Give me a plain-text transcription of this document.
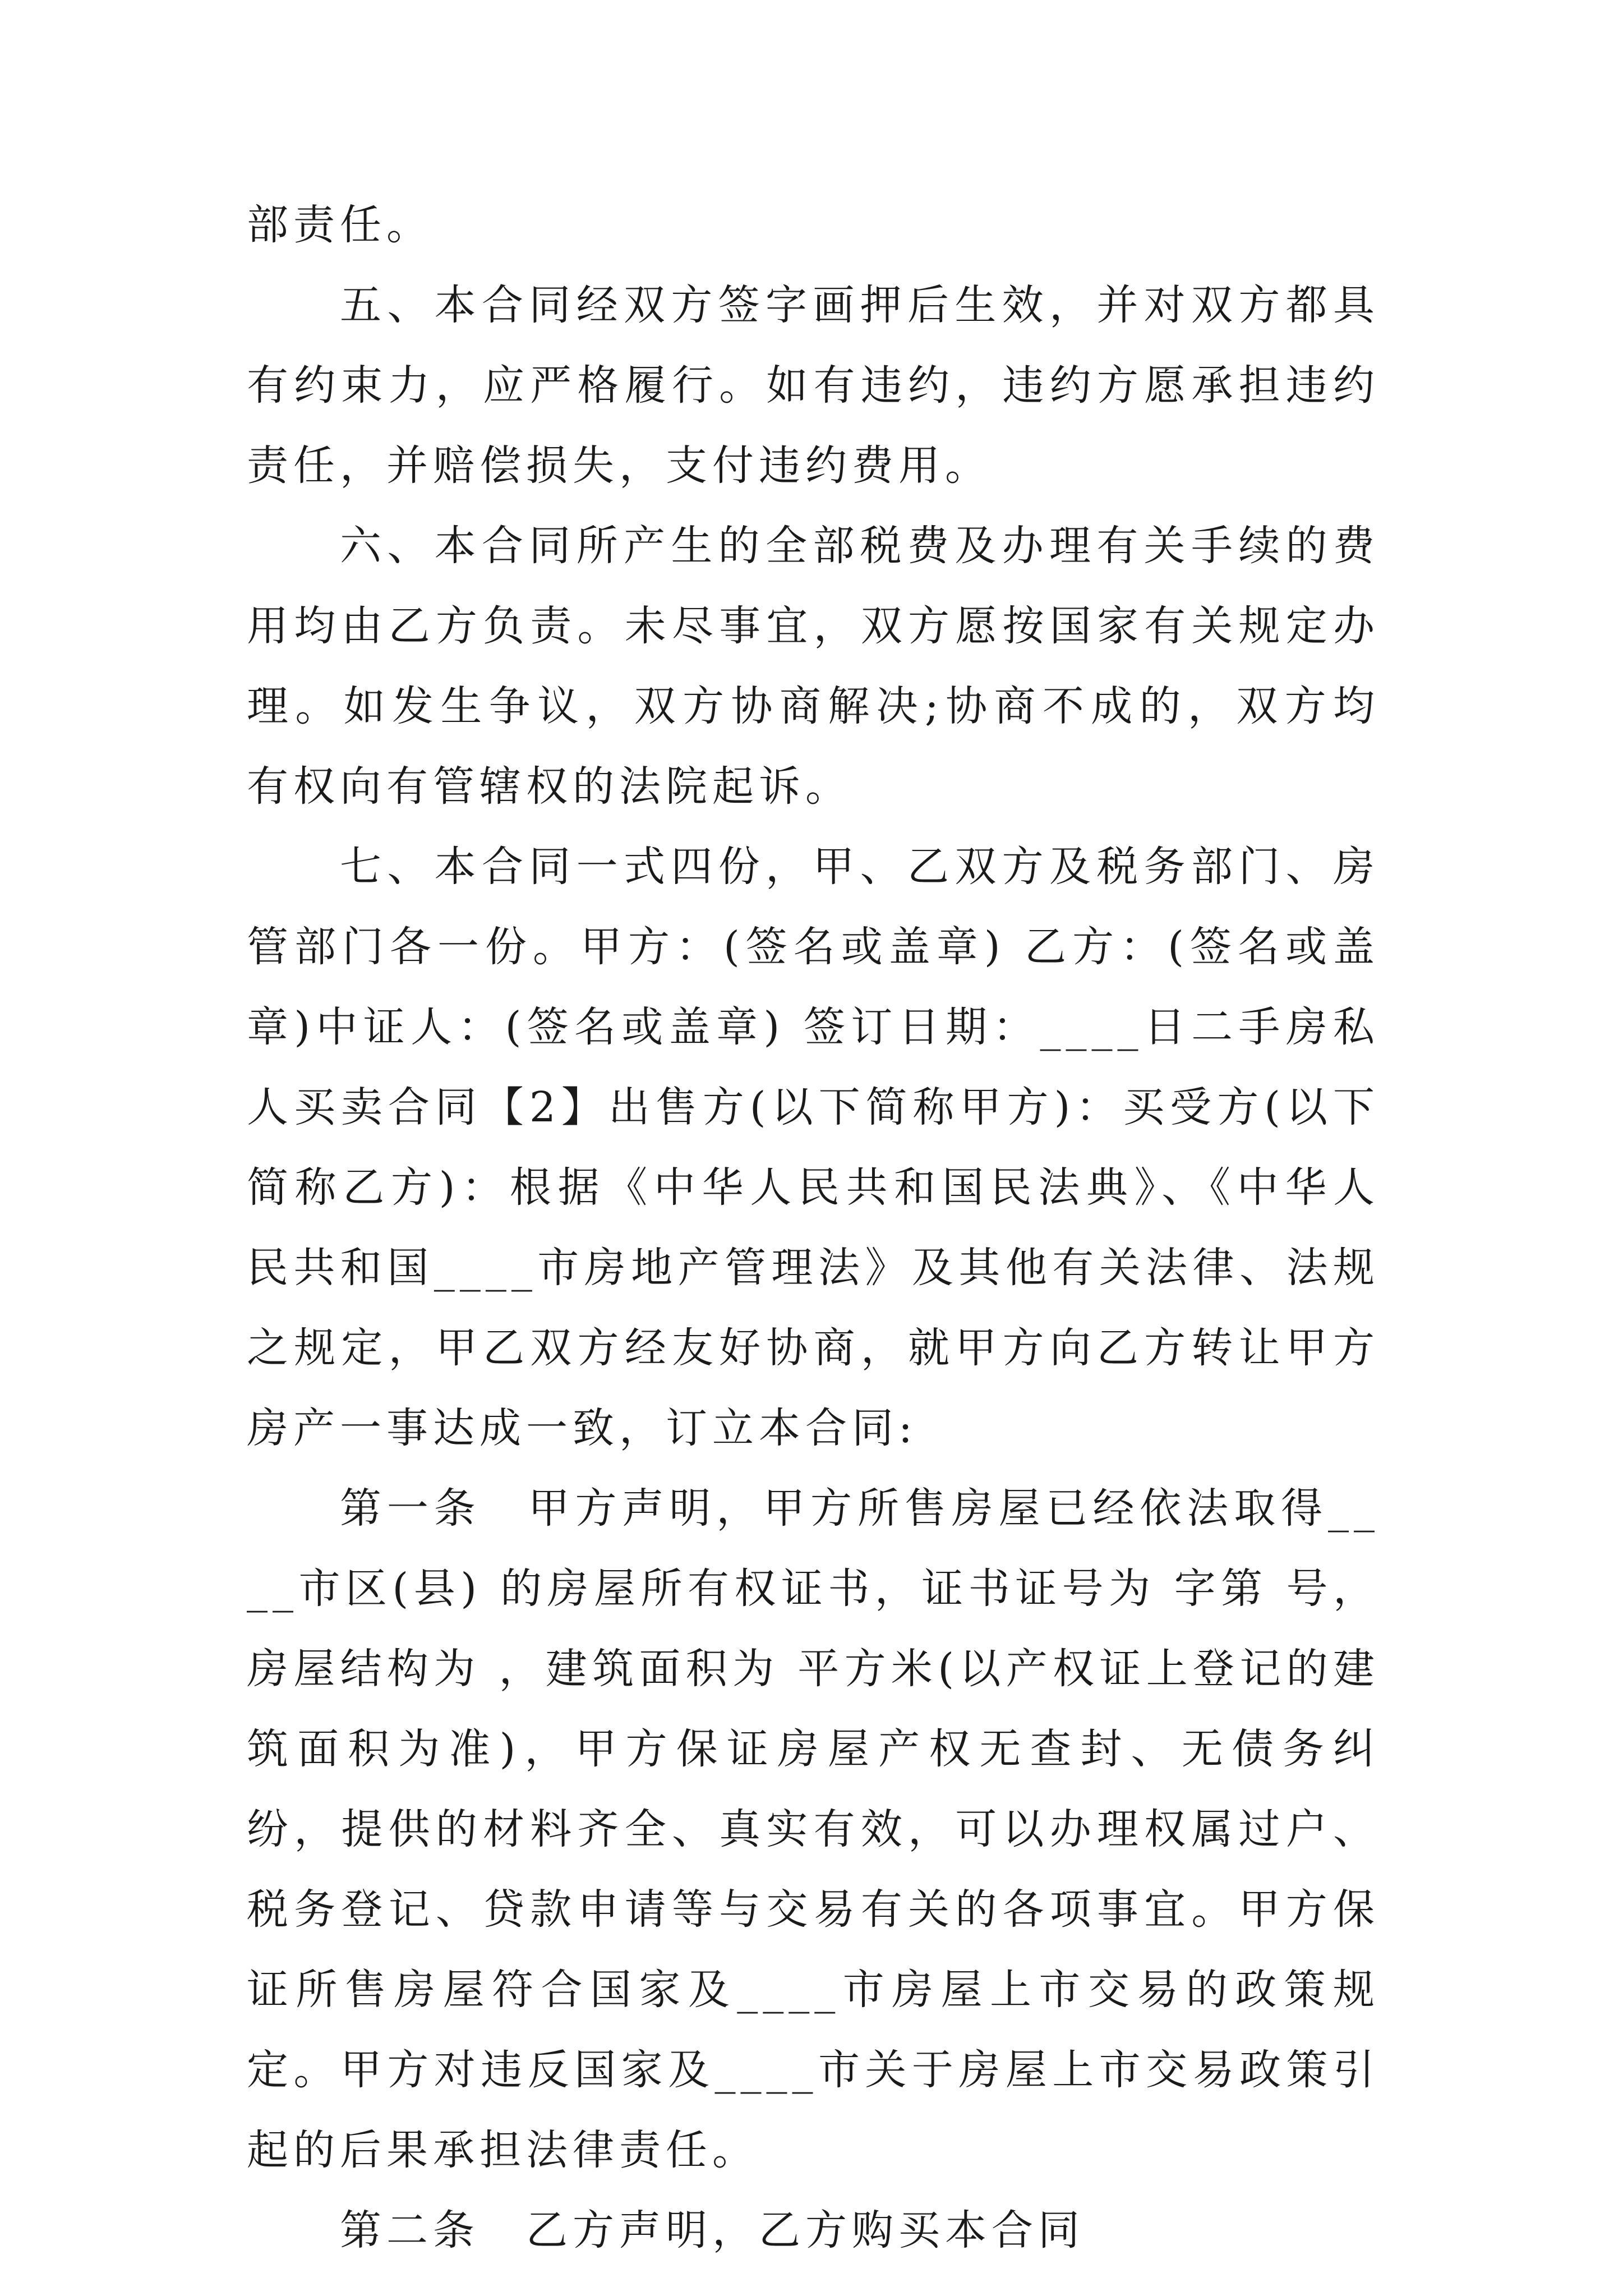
部责任。

五、本合同经双方签字画押后生效，并对双方都具有约束力，应严格履行。如有违约，违约方愿承担违约责任，并赔偿损失，支付违约费用。

六、本合同所产生的全部税费及办理有关手续的费用均由乙方负责。未尽事宜，双方愿按国家有关规定办理。如发生争议，双方协商解决;协商不成的，双方均有权向有管辖权的法院起诉。

七、本合同一式四份，甲、乙双方及税务部门、房管部门各一份。甲方：(签名或盖章) 乙方：(签名或盖章)中证人：(签名或盖章) 签订日期：____日二手房私人买卖合同【2】出售方(以下简称甲方)：买受方(以下简称乙方)：根据《中华人民共和国民法典》、《中华人民共和国____市房地产管理法》及其他有关法律、法规之规定，甲乙双方经友好协商，就甲方向乙方转让甲方房产一事达成一致，订立本合同:

第一条　甲方声明，甲方所售房屋已经依法取得____市区(县) 的房屋所有权证书，证书证号为 字第 号，房屋结构为 ，建筑面积为 平方米(以产权证上登记的建筑面积为准)，甲方保证房屋产权无查封、无债务纠纷，提供的材料齐全、真实有效，可以办理权属过户、税务登记、贷款申请等与交易有关的各项事宜。甲方保证所售房屋符合国家及____市房屋上市交易的政策规定。甲方对违反国家及____市关于房屋上市交易政策引起的后果承担法律责任。

第二条　乙方声明，乙方购买本合同
